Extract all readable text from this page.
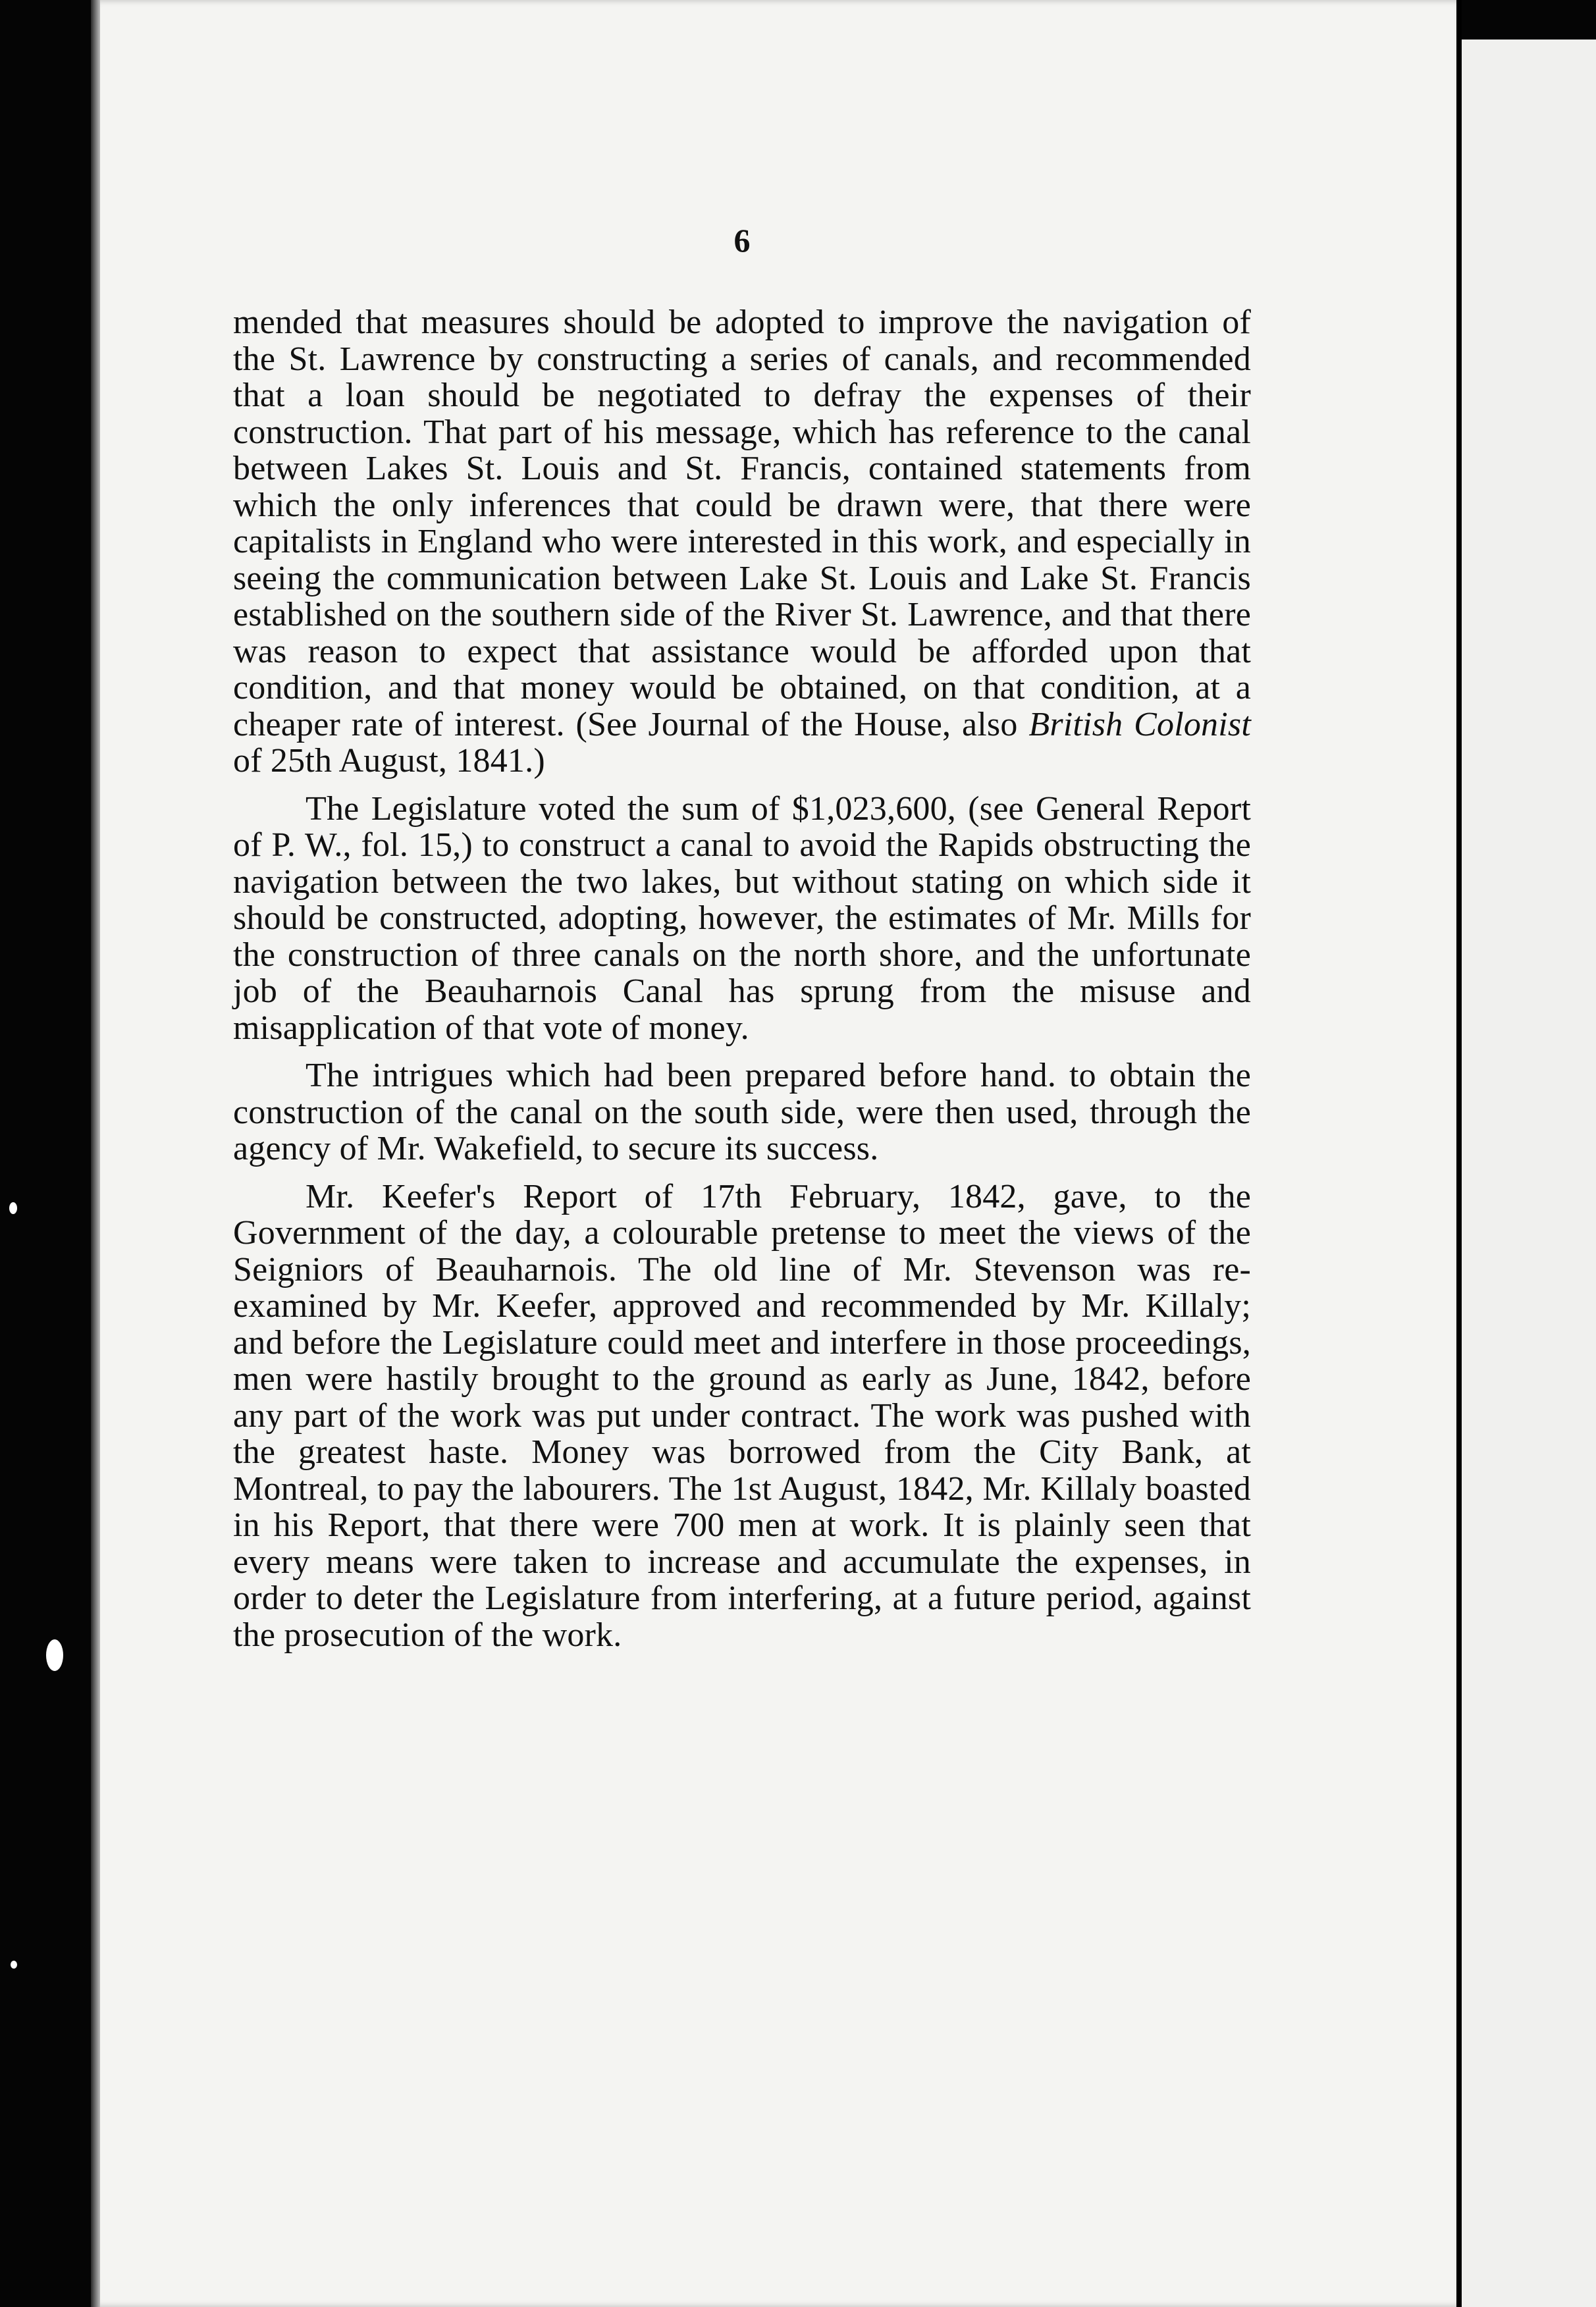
6

mended that measures should be adopted to improve the navigation of the St. Lawrence by constructing a series of canals, and recommended that a loan should be negotiated to defray the expenses of their construction. That part of his message, which has reference to the canal between Lakes St. Louis and St. Francis, contained statements from which the only inferences that could be drawn were, that there were capitalists in England who were interested in this work, and especially in seeing the communication between Lake St. Louis and Lake St. Francis established on the southern side of the River St. Lawrence, and that there was reason to expect that assistance would be afforded upon that condition, and that money would be obtained, on that condition, at a cheaper rate of interest. (See Journal of the House, also British Colonist of 25th August, 1841.)

The Legislature voted the sum of $1,023,600, (see General Report of P. W., fol. 15,) to construct a canal to avoid the Rapids obstructing the navigation between the two lakes, but without stating on which side it should be constructed, adopting, however, the estimates of Mr. Mills for the construction of three canals on the north shore, and the unfortunate job of the Beauharnois Canal has sprung from the misuse and misapplication of that vote of money.

The intrigues which had been prepared before hand. to obtain the construction of the canal on the south side, were then used, through the agency of Mr. Wakefield, to secure its success.

Mr. Keefer's Report of 17th February, 1842, gave, to the Government of the day, a colourable pretense to meet the views of the Seigniors of Beauharnois. The old line of Mr. Stevenson was re-examined by Mr. Keefer, approved and recommended by Mr. Killaly; and before the Legislature could meet and interfere in those proceedings, men were hastily brought to the ground as early as June, 1842, before any part of the work was put under contract. The work was pushed with the greatest haste. Money was borrowed from the City Bank, at Montreal, to pay the labourers. The 1st August, 1842, Mr. Killaly boasted in his Report, that there were 700 men at work. It is plainly seen that every means were taken to increase and accumulate the expenses, in order to deter the Legislature from interfering, at a future period, against the prosecution of the work.
